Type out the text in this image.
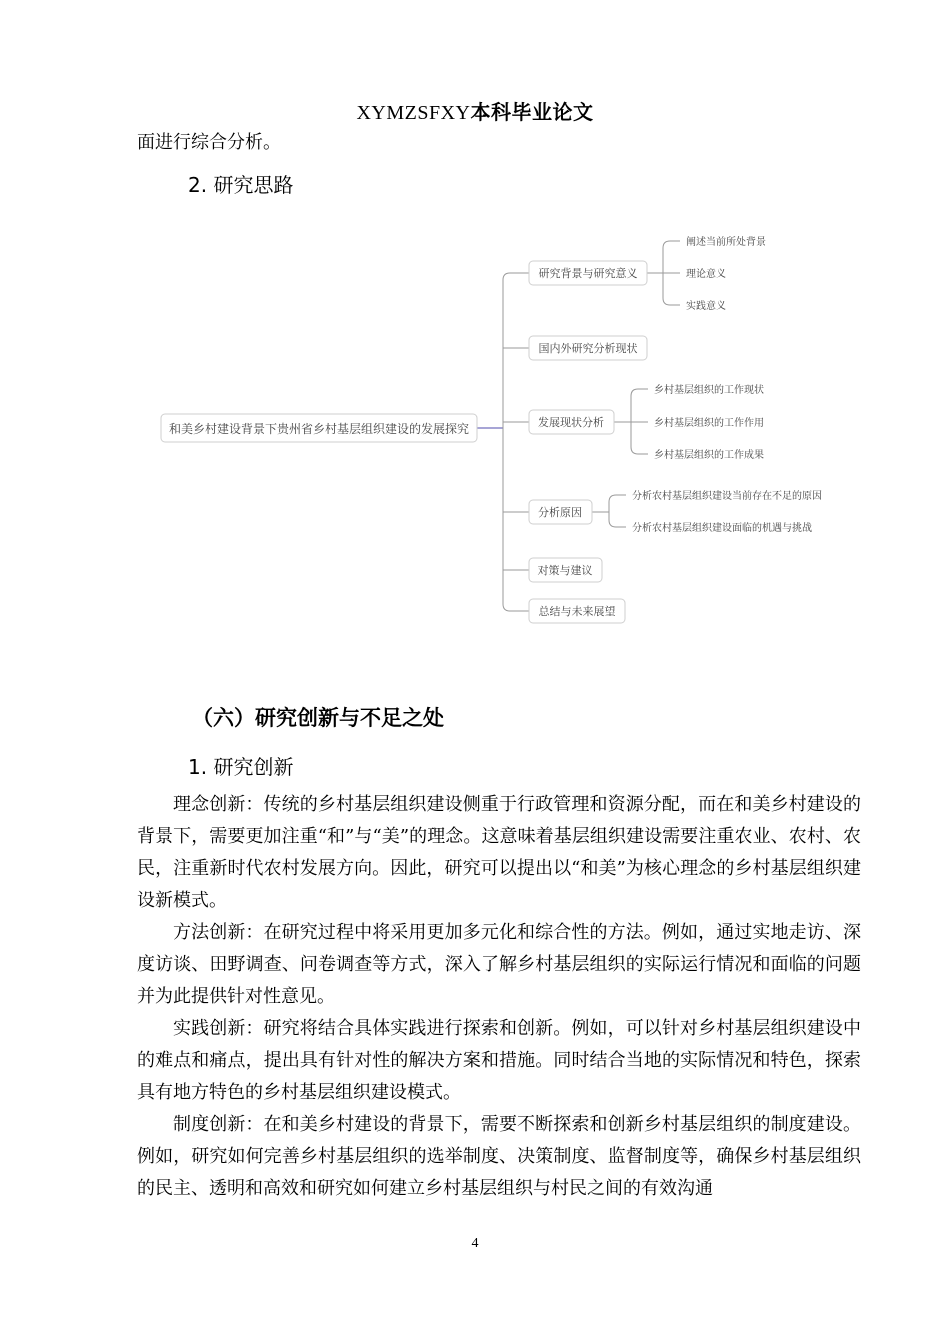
XYMZSFXY本科毕业论文
面进行综合分析。
2. 研究思路
和美乡村建设背景下贵州省乡村基层组织建设的发展探究
研究背景与研究意义
国内外研究分析现状
发展现状分析
分析原因
对策与建议
总结与未来展望
阐述当前所处背景
理论意义
实践意义
乡村基层组织的工作现状
乡村基层组织的工作作用
乡村基层组织的工作成果
分析农村基层组织建设当前存在不足的原因
分析农村基层组织建设面临的机遇与挑战
（六）研究创新与不足之处
1. 研究创新
理念创新：传统的乡村基层组织建设侧重于行政管理和资源分配，而在和美乡村建设的背景下，需要更加注重“和”与“美”的理念。这意味着基层组织建设需要注重农业、农村、农民，注重新时代农村发展方向。因此，研究可以提出以“和美”为核心理念的乡村基层组织建设新模式。
方法创新：在研究过程中将采用更加多元化和综合性的方法。例如，通过实地走访、深度访谈、田野调查、问卷调查等方式，深入了解乡村基层组织的实际运行情况和面临的问题并为此提供针对性意见。
实践创新：研究将结合具体实践进行探索和创新。例如，可以针对乡村基层组织建设中的难点和痛点，提出具有针对性的解决方案和措施。同时结合当地的实际情况和特色，探索具有地方特色的乡村基层组织建设模式。
制度创新：在和美乡村建设的背景下，需要不断探索和创新乡村基层组织的制度建设。例如，研究如何完善乡村基层组织的选举制度、决策制度、监督制度等，确保乡村基层组织的民主、透明和高效和研究如何建立乡村基层组织与村民之间的有效沟通
4
